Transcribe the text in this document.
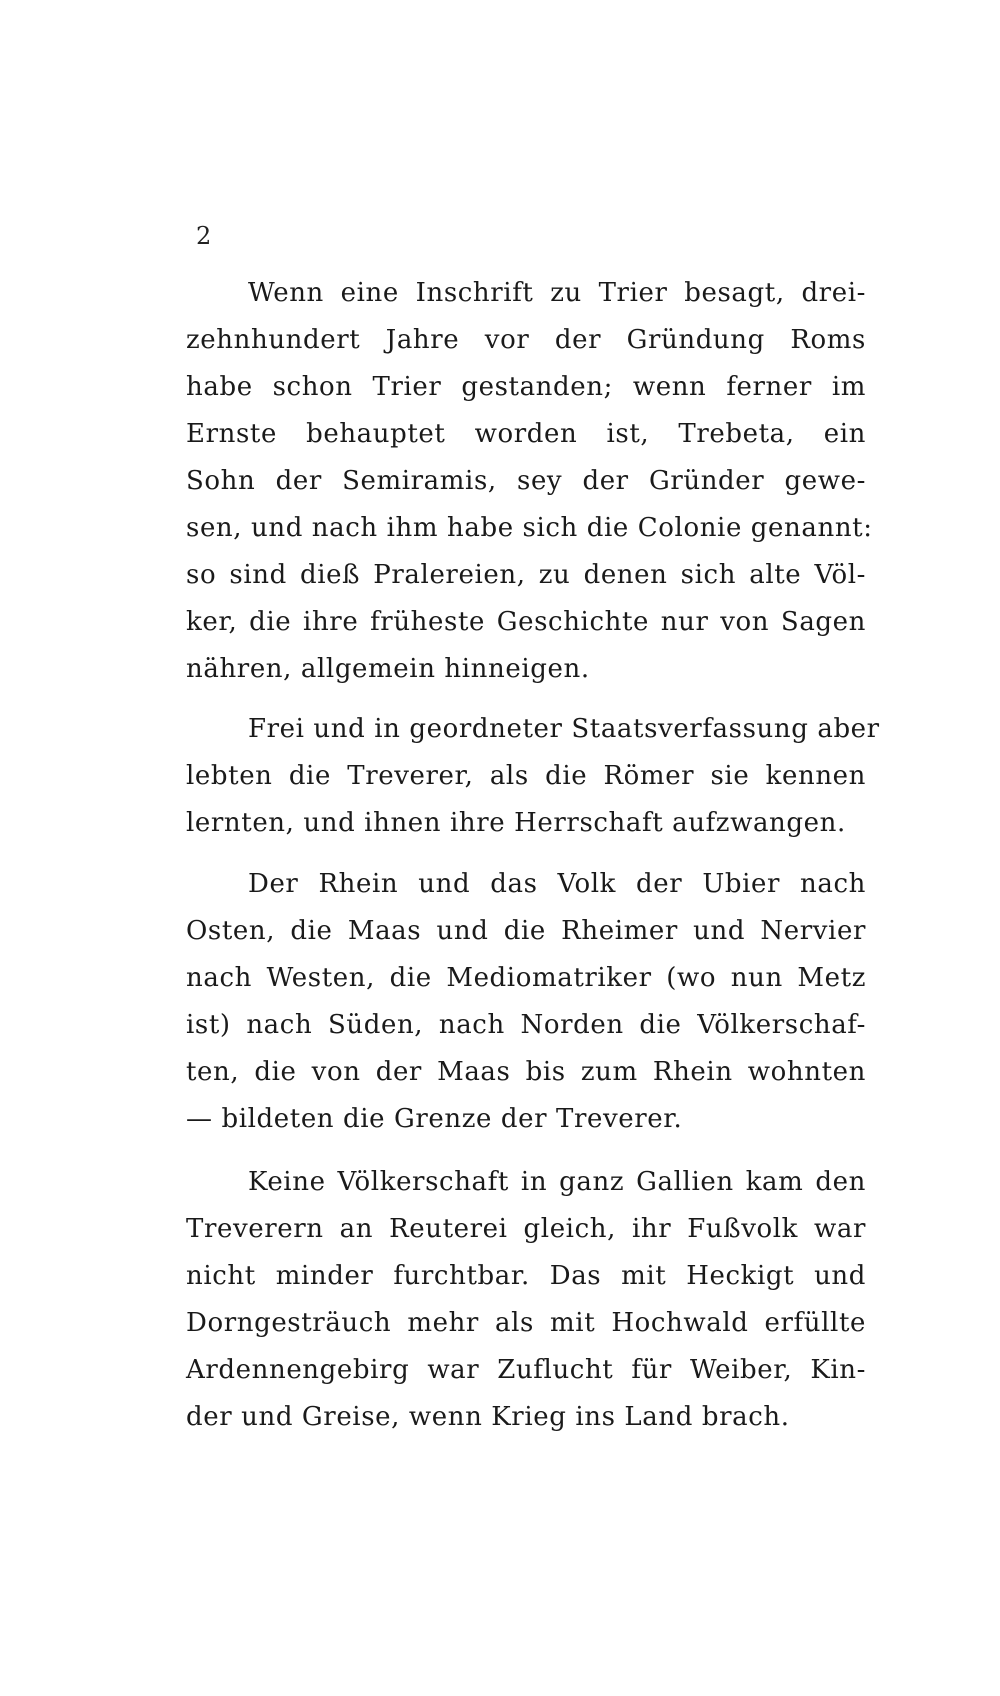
2
Wenn eine Inschrift zu Trier besagt, drei-
zehnhundert Jahre vor der Gründung Roms
habe schon Trier gestanden; wenn ferner im
Ernste behauptet worden ist, Trebeta, ein
Sohn der Semiramis, sey der Gründer gewe-
sen, und nach ihm habe sich die Colonie genannt:
so sind dieß Pralereien, zu denen sich alte Völ-
ker, die ihre früheste Geschichte nur von Sagen
nähren, allgemein hinneigen.
Frei und in geordneter Staatsverfassung aber
lebten die Treverer, als die Römer sie kennen
lernten, und ihnen ihre Herrschaft aufzwangen.
Der Rhein und das Volk der Ubier nach
Osten, die Maas und die Rheimer und Nervier
nach Westen, die Mediomatriker (wo nun Metz
ist) nach Süden, nach Norden die Völkerschaf-
ten, die von der Maas bis zum Rhein wohnten
— bildeten die Grenze der Treverer.
Keine Völkerschaft in ganz Gallien kam den
Treverern an Reuterei gleich, ihr Fußvolk war
nicht minder furchtbar. Das mit Heckigt und
Dorngesträuch mehr als mit Hochwald erfüllte
Ardennengebirg war Zuflucht für Weiber, Kin-
der und Greise, wenn Krieg ins Land brach.
